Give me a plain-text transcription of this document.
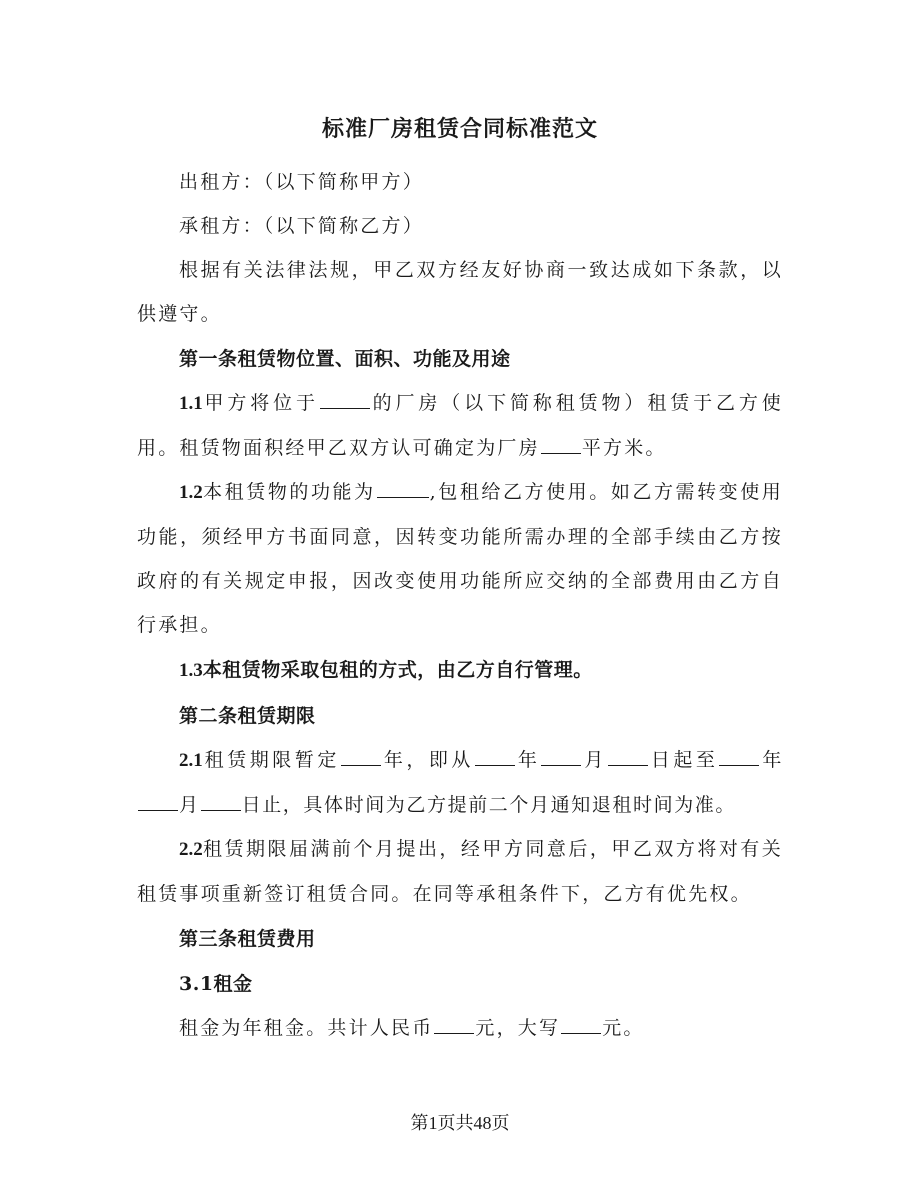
标准厂房租赁合同标准范文

出租方：（以下简称甲方）

承租方：（以下简称乙方）

根据有关法律法规，甲乙双方经友好协商一致达成如下条款，以供遵守。

第一条租赁物位置、面积、功能及用途

1.1甲方将位于	的厂房（以下简称租赁物）租赁于乙方使用。租赁物面积经甲乙双方认可确定为厂房 平方米。

1.2本租赁物的功能为	,包租给乙方使用。如乙方需转变使用功能，须经甲方书面同意，因转变功能所需办理的全部手续由乙方按政府的有关规定申报，因改变使用功能所应交纳的全部费用由乙方自行承担。

1.3本租赁物采取包租的方式，由乙方自行管理。

第二条租赁期限

2.1租赁期限暂定 年，即从 年 月 日起至 年月 日止，具体时间为乙方提前二个月通知退租时间为准。

2.2租赁期限届满前个月提出，经甲方同意后，甲乙双方将对有关租赁事项重新签订租赁合同。在同等承租条件下，乙方有优先权。

第三条租赁费用

3.1租金

租金为年租金。共计人民币 元，大写 元。

第1页共48页
